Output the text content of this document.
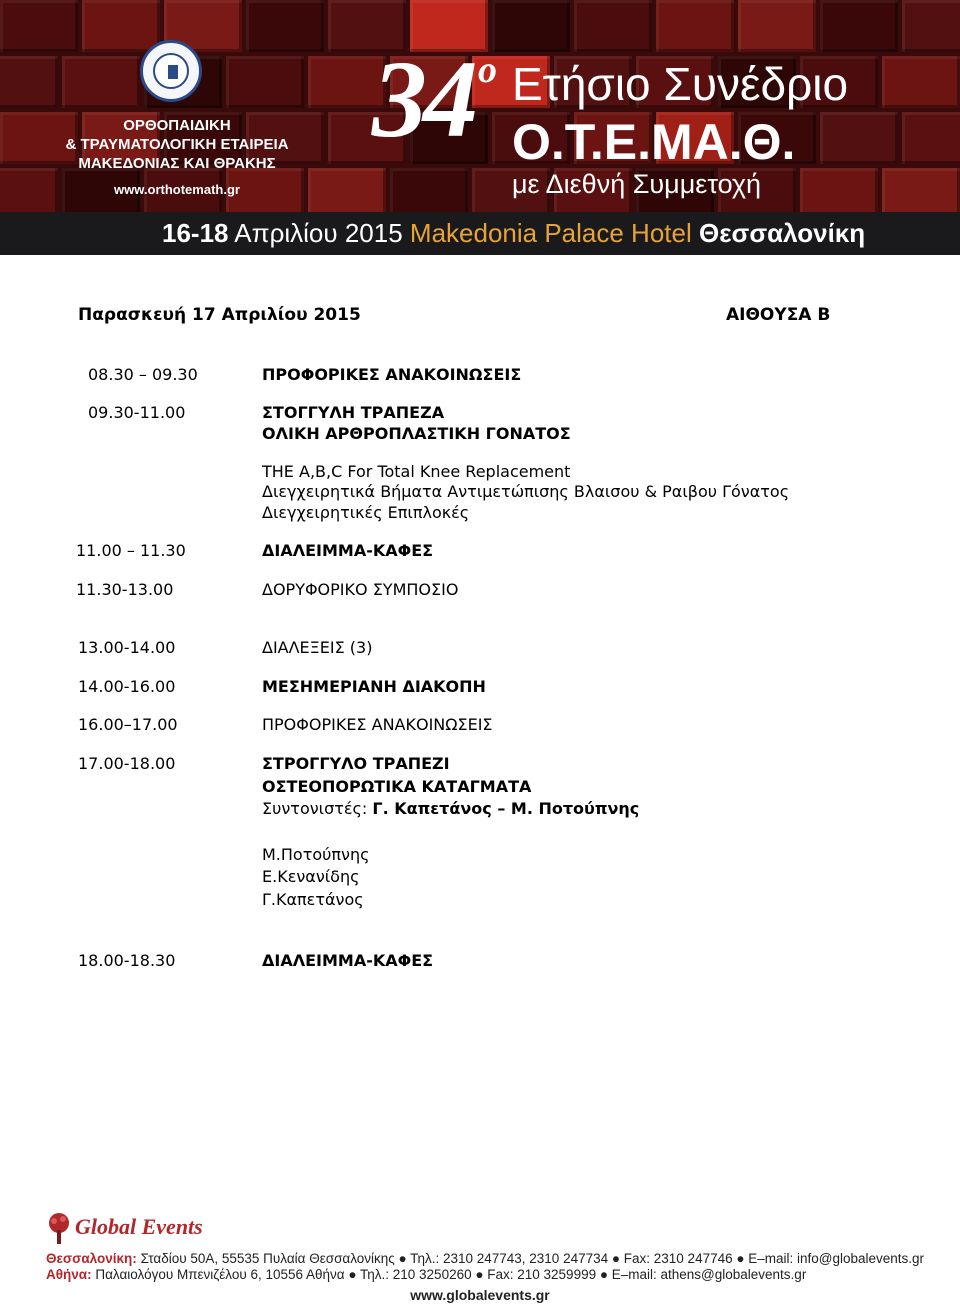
ΟΡΘΟΠΑΙΔΙΚΗ
& ΤΡΑΥΜΑΤΟΛΟΓΙΚΗ ΕΤΑΙΡΕΙΑ
ΜΑΚΕΔΟΝΙΑΣ ΚΑΙ ΘΡΑΚΗΣ
www.orthotemath.gr
34 ο Ετήσιο Συνέδριο
Ο.Τ.Ε.ΜΑ.Θ.
με Διεθνή Συμμετοχή
16-18 Απριλίου 2015 Makedonia Palace Hotel Θεσσαλονίκη
Παρασκευή 17 Απριλίου 2015	ΑΙΘΟΥΣΑ Β
08.30 – 09.30	ΠΡΟΦΟΡΙΚΕΣ ΑΝΑΚΟΙΝΩΣΕΙΣ
09.30-11.00	ΣΤΟΓΓΥΛΗ ΤΡΑΠΕΖΑ
ΟΛΙΚΗ ΑΡΘΡΟΠΛΑΣΤΙΚΗ ΓΟΝΑΤΟΣ
THE A,B,C For Total Knee Replacement
Διεγχειρητικά Βήματα Αντιμετώπισης Βλαισου & Ραιβου Γόνατος
Διεγχειρητικές Επιπλοκές
11.00 – 11.30	ΔΙΑΛΕΙΜΜΑ-ΚΑΦΕΣ
11.30-13.00	ΔΟΡΥΦΟΡΙΚΟ ΣΥΜΠΟΣΙΟ
13.00-14.00	ΔΙΑΛΕΞΕΙΣ (3)
14.00-16.00	ΜΕΣΗΜΕΡΙΑΝΗ ΔΙΑΚΟΠΗ
16.00–17.00	ΠΡΟΦΟΡΙΚΕΣ ΑΝΑΚΟΙΝΩΣΕΙΣ
17.00-18.00	ΣΤΡΟΓΓΥΛΟ ΤΡΑΠΕΖΙ
ΟΣΤΕΟΠΟΡΩΤΙΚΑ ΚΑΤΑΓΜΑΤΑ
Συντονιστές: Γ. Καπετάνος – Μ. Ποτούπνης
Μ.Ποτούπνης
Ε.Κενανίδης
Γ.Καπετάνος
18.00-18.30	ΔΙΑΛΕΙΜΜΑ-ΚΑΦΕΣ
Global Events
Θεσσαλονίκη: Σταδίου 50Α, 55535 Πυλαία Θεσσαλονίκης ● Τηλ.: 2310 247743, 2310 247734 ● Fax: 2310 247746 ● E–mail: info@globalevents.gr
Αθήνα: Παλαιολόγου Μπενιζέλου 6, 10556 Αθήνα ● Τηλ.: 210 3250260 ● Fax: 210 3259999 ● E–mail: athens@globalevents.gr
www.globalevents.gr
